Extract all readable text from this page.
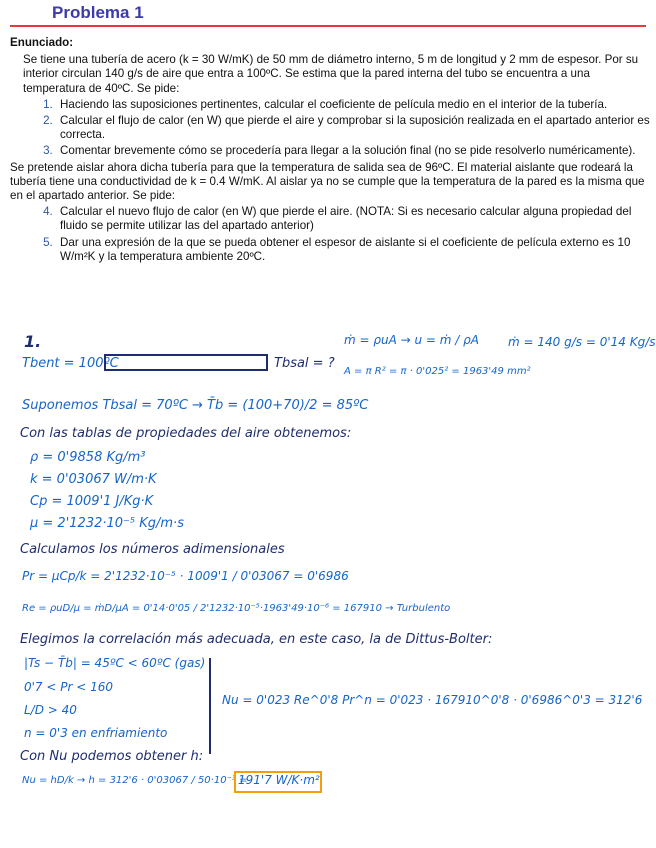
Problema 1
Enunciado:

Se tiene una tubería de acero (k = 30 W/mK) de 50 mm de diámetro interno, 5 m de longitud y 2 mm de espesor. Por su interior circulan 140 g/s de aire que entra a 100ºC. Se estima que la pared interna del tubo se encuentra a una temperatura de 40ºC. Se pide:

1. Haciendo las suposiciones pertinentes, calcular el coeficiente de película medio en el interior de la tubería.
2. Calcular el flujo de calor (en W) que pierde el aire y comprobar si la suposición realizada en el apartado anterior es correcta.
3. Comentar brevemente cómo se procedería para llegar a la solución final (no se pide resolverlo numéricamente).

Se pretende aislar ahora dicha tubería para que la temperatura de salida sea de 96ºC. El material aislante que rodeará la tubería tiene una conductividad de k = 0.4 W/mK. Al aislar ya no se cumple que la temperatura de la pared es la misma que en el apartado anterior. Se pide:

4. Calcular el nuevo flujo de calor (en W) que pierde el aire. (NOTA: Si es necesario calcular alguna propiedad del fluido se permite utilizar las del apartado anterior)
5. Dar una expresión de la que se pueda obtener el espesor de aislante si el coeficiente de película externo es 10 W/m²K y la temperatura ambiente 20ºC.
1.
Tbent = 100ºC	Tbsal = ?
ṁ = ρuA → u = ṁ / ρA ṁ = 140 g/s = 0'14 Kg/s
A = π R² = π · 0'025² = 1963'49 mm²
Suponemos Tbsal = 70ºC → T̄b = (100+70)/2 = 85ºC
Con las tablas de propiedades del aire obtenemos:
ρ = 0'9858 Kg/m³
k = 0'03067 W/m·K
Cp = 1009'1 J/Kg·K
μ = 2'1232·10⁻⁵ Kg/m·s
Calculamos los números adimensionales
Pr = μCp/k = 2'1232·10⁻⁵ · 1009'1 / 0'03067 = 0'6986
Re = ρuD/μ = ṁD/μA = 0'14·0'05 / 2'1232·10⁻⁵·1963'49·10⁻⁶ = 167910 → Turbulento
Elegimos la correlación más adecuada, en este caso, la de Dittus-Bolter:
|Ts − T̄b| = 45ºC < 60ºC (gas)
0'7 < Pr < 160
L/D > 40
n = 0'3 en enfriamiento
Nu = 0'023 Re^0'8 Pr^n = 0'023 · 167910^0'8 · 0'6986^0'3 = 312'6
Con Nu podemos obtener h:
Nu = hD/k → h = 312'6 · 0'03067 / 50·10⁻³ =
191'7 W/K·m²
